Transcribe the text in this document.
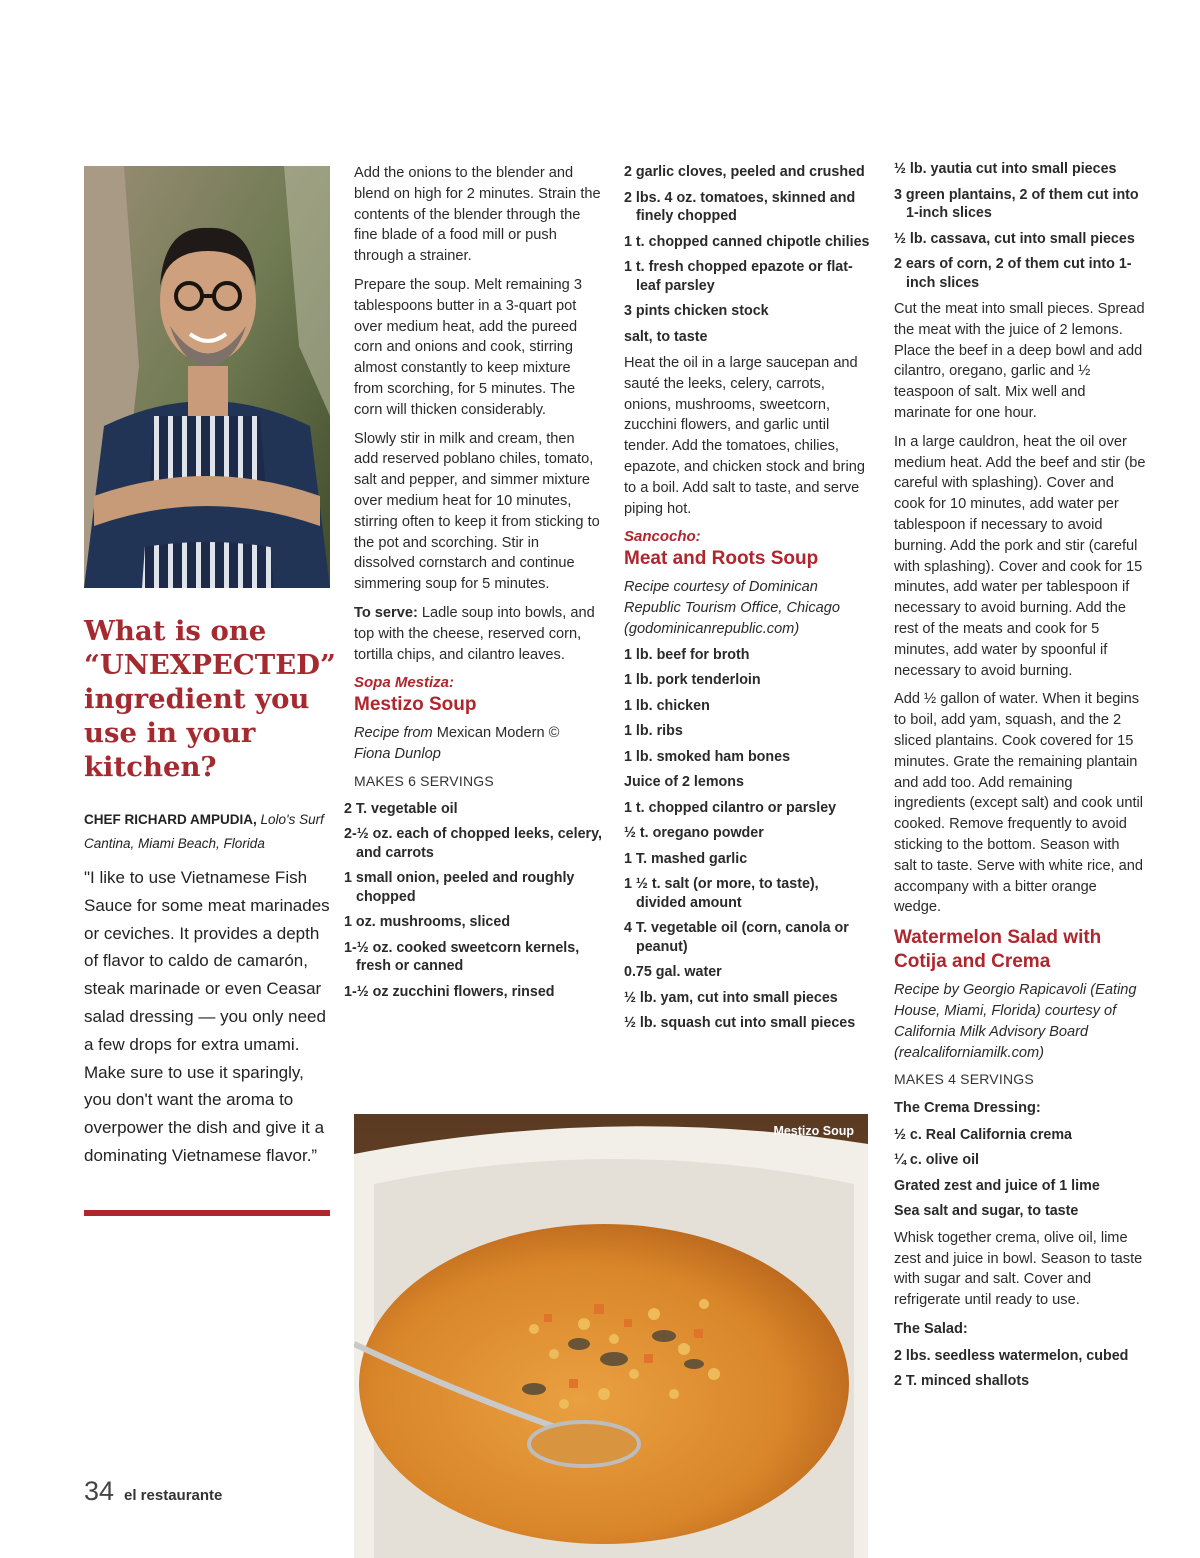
What is one “UNEXPECTED” ingredient you use in your kitchen?
CHEF RICHARD AMPUDIA, Lolo's Surf Cantina, Miami Beach, Florida
"I like to use Vietnamese Fish Sauce for some meat marinades or ceviches. It provides a depth of flavor to caldo de camarón, steak marinade or even Ceasar salad dressing — you only need a few drops for extra umami. Make sure to use it sparingly, you don't want the aroma to overpower the dish and give it a dominating Vietnamese flavor.”
Add the onions to the blender and blend on high for 2 minutes. Strain the contents of the blender through the fine blade of a food mill or push through a strainer.
Prepare the soup. Melt remaining 3 tablespoons butter in a 3-quart pot over medium heat, add the pureed corn and onions and cook, stirring almost constantly to keep mixture from scorching, for 5 minutes. The corn will thicken considerably.
Slowly stir in milk and cream, then add reserved poblano chiles, tomato, salt and pepper, and simmer mixture over medium heat for 10 minutes, stirring often to keep it from sticking to the pot and scorching. Stir in dissolved cornstarch and continue simmering soup for 5 minutes.
To serve: Ladle soup into bowls, and top with the cheese, reserved corn, tortilla chips, and cilantro leaves.
Sopa Mestiza:
Mestizo Soup
Recipe from Mexican Modern ©
Fiona Dunlop
MAKES 6 SERVINGS
2 T. vegetable oil
2-½ oz. each of chopped leeks, celery, and carrots
1 small onion, peeled and roughly chopped
1 oz. mushrooms, sliced
1-½ oz. cooked sweetcorn kernels, fresh or canned
1-½ oz zucchini flowers, rinsed
2 garlic cloves, peeled and crushed
2 lbs. 4 oz. tomatoes, skinned and finely chopped
1 t. chopped canned chipotle chilies
1 t. fresh chopped epazote or flat-leaf parsley
3 pints chicken stock
salt, to taste
Heat the oil in a large saucepan and sauté the leeks, celery, carrots, onions, mushrooms, sweetcorn, zucchini flowers, and garlic until tender. Add the tomatoes, chilies, epazote, and chicken stock and bring to a boil. Add salt to taste, and serve piping hot.
Sancocho:
Meat and Roots Soup
Recipe courtesy of Dominican Republic Tourism Office, Chicago (godominicanrepublic.com)
1 lb. beef for broth
1 lb. pork tenderloin
1 lb. chicken
1 lb. ribs
1 lb. smoked ham bones
Juice of 2 lemons
1 t. chopped cilantro or parsley
½ t. oregano powder
1 T. mashed garlic
1 ½ t. salt (or more, to taste), divided amount
4 T. vegetable oil (corn, canola or peanut)
0.75 gal. water
½ lb. yam, cut into small pieces
½ lb. squash cut into small pieces
½ lb. yautia cut into small pieces
3 green plantains, 2 of them cut into 1-inch slices
½ lb. cassava, cut into small pieces
2 ears of corn, 2 of them cut into 1-inch slices
Cut the meat into small pieces. Spread the meat with the juice of 2 lemons. Place the beef in a deep bowl and add cilantro, oregano, garlic and ½ teaspoon of salt. Mix well and marinate for one hour.
In a large cauldron, heat the oil over medium heat. Add the beef and stir (be careful with splashing). Cover and cook for 10 minutes, add water per tablespoon if necessary to avoid burning. Add the pork and stir (careful with splashing). Cover and cook for 15 minutes, add water per tablespoon if necessary to avoid burning. Add the rest of the meats and cook for 5 minutes, add water by spoonful if necessary to avoid burning.
Add ½ gallon of water. When it begins to boil, add yam, squash, and the 2 sliced plantains. Cook covered for 15 minutes. Grate the remaining plantain and add too. Add remaining ingredients (except salt) and cook until cooked. Remove frequently to avoid sticking to the bottom. Season with salt to taste. Serve with white rice, and accompany with a bitter orange wedge.
Watermelon Salad with Cotija and Crema
Recipe by Georgio Rapicavoli (Eating House, Miami, Florida) courtesy of California Milk Advisory Board (realcaliforniamilk.com)
MAKES 4 SERVINGS
The Crema Dressing:
½ c. Real California crema
¼ c. olive oil
Grated zest and juice of 1 lime
Sea salt and sugar, to taste
Whisk together crema, olive oil, lime zest and juice in bowl. Season to taste with sugar and salt. Cover and refrigerate until ready to use.
The Salad:
2 lbs. seedless watermelon, cubed
2 T. minced shallots
Mestizo Soup
34 el restaurante
